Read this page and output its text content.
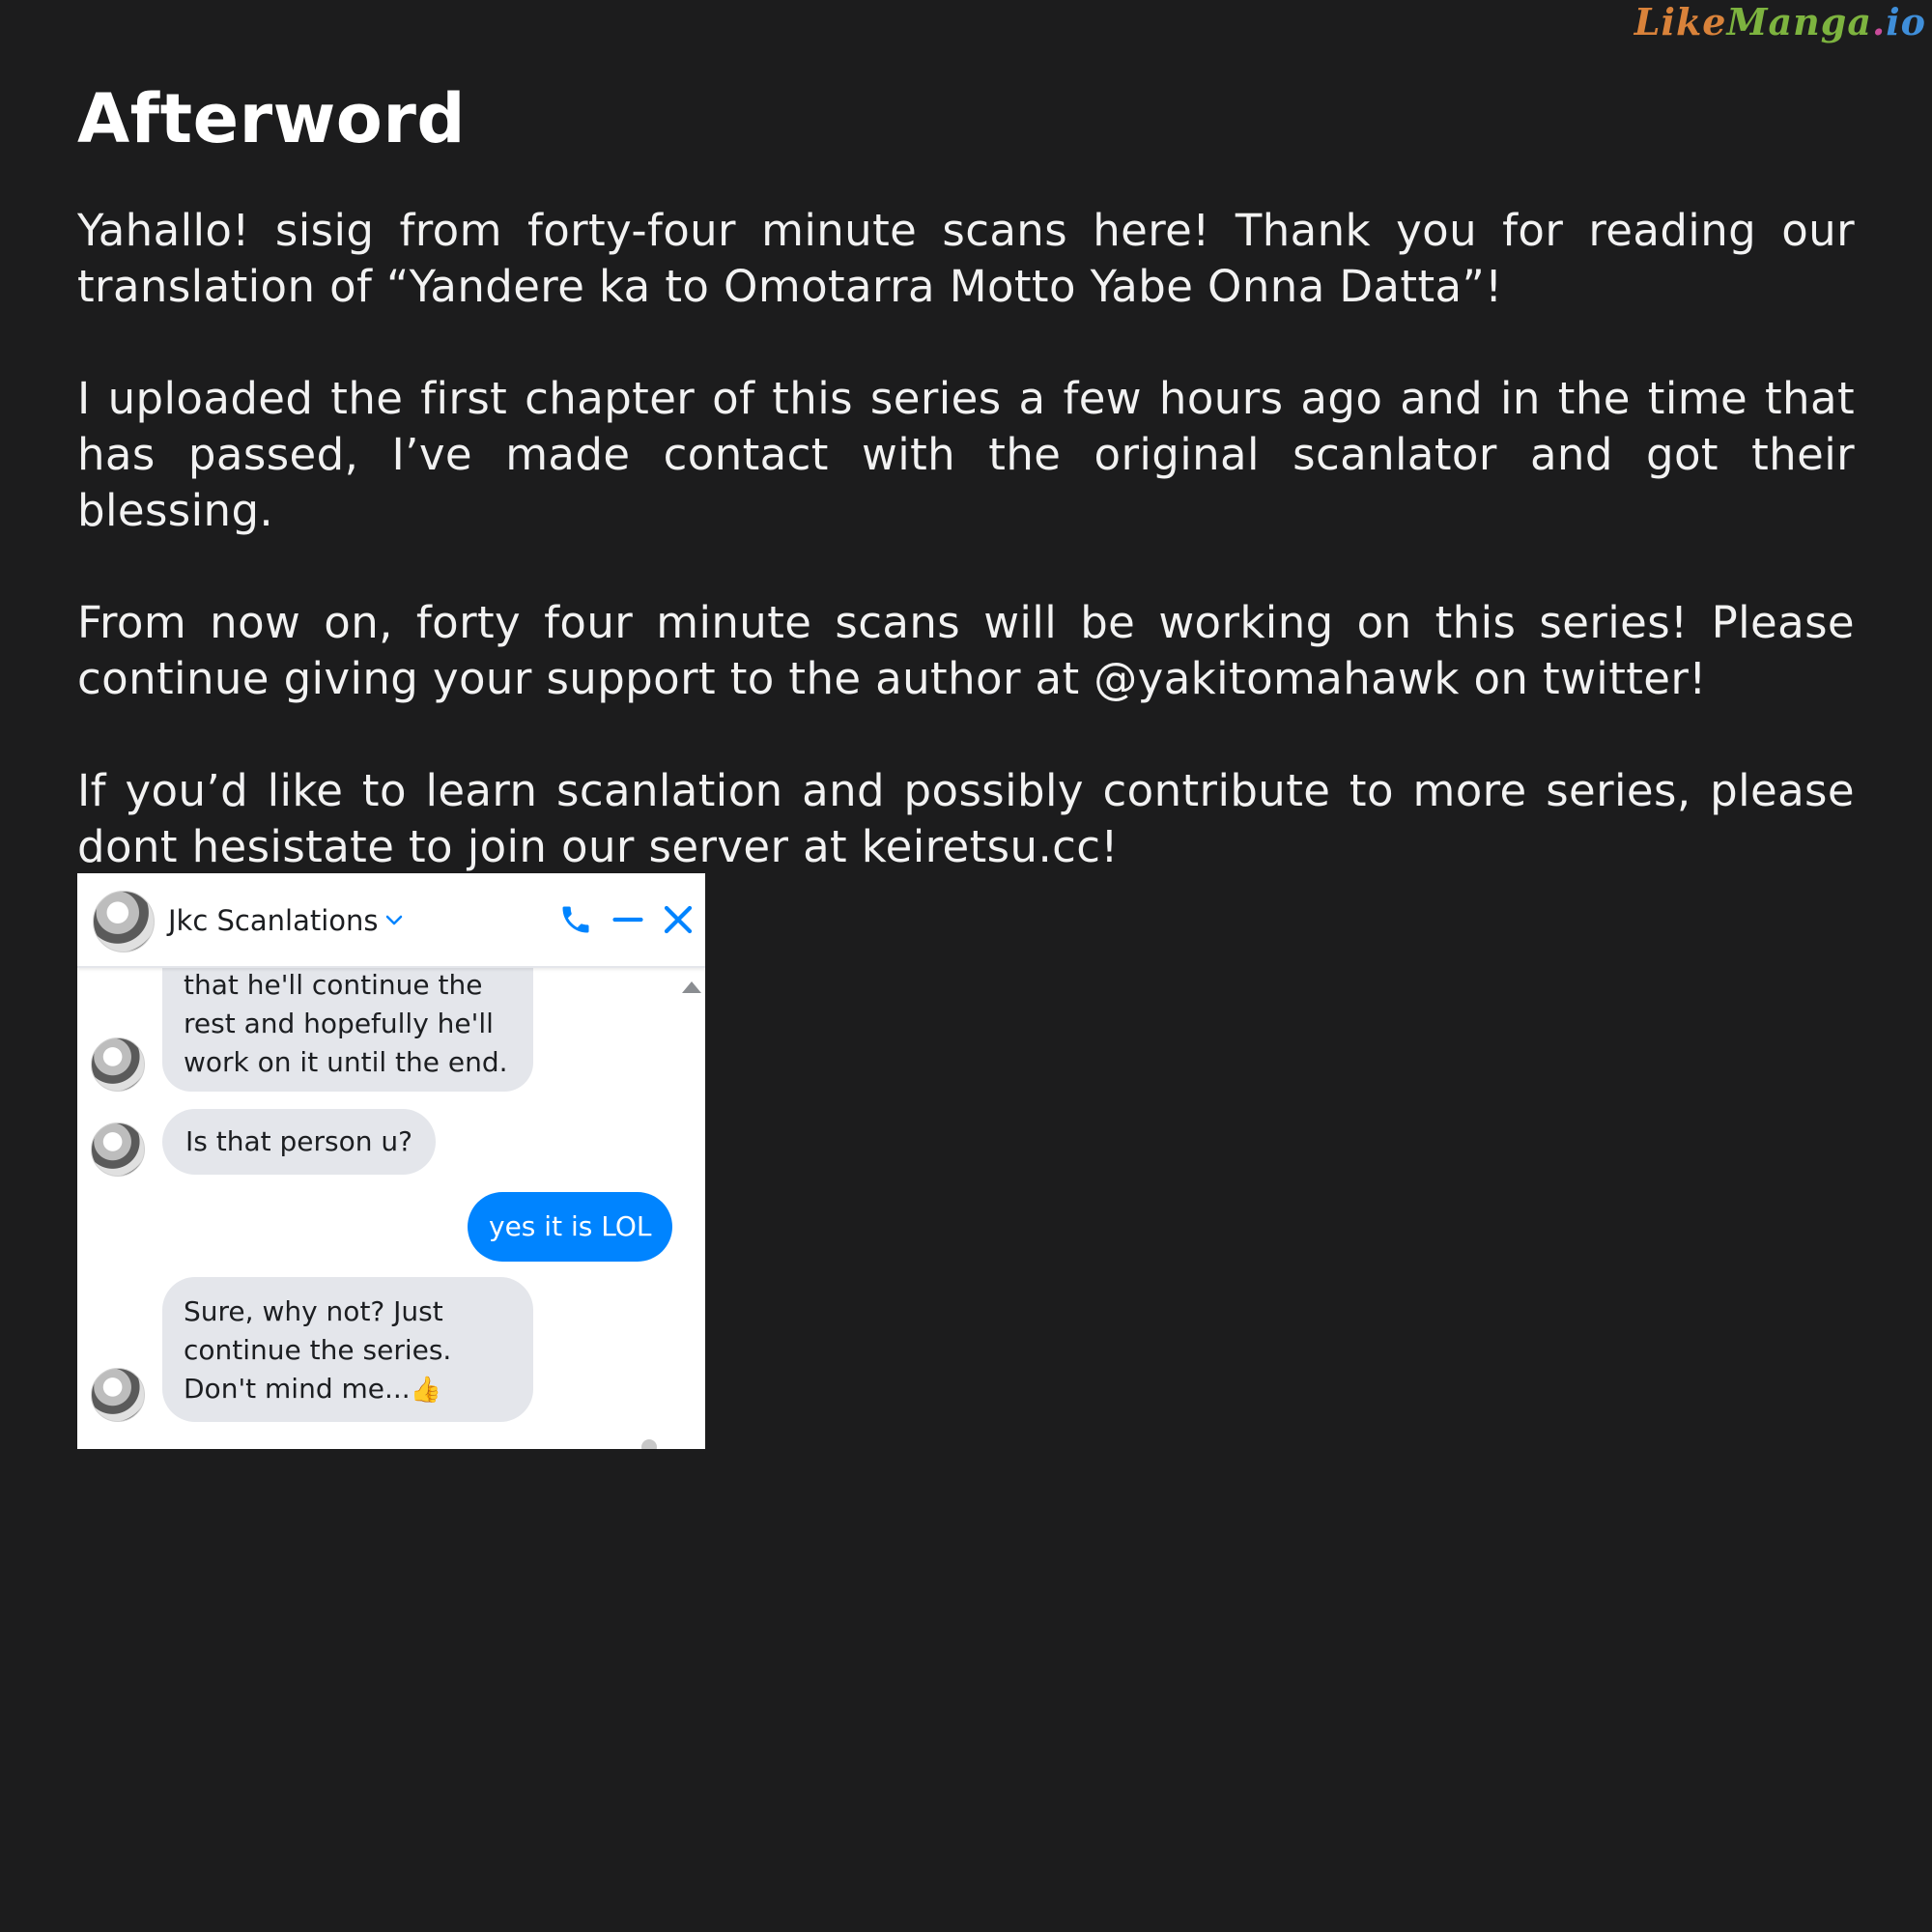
LikeManga.io
Afterword

Yahallo! sisig from forty-four minute scans here! Thank you for reading our translation of “Yandere ka to Omotarra Motto Yabe Onna Datta”!

I uploaded the first chapter of this series a few hours ago and in the time that has passed, I’ve made contact with the original scanlator and got their blessing.

From now on, forty four minute scans will be working on this series! Please continue giving your support to the author at @yakitomahawk on twitter!

If you’d like to learn scanlation and possibly contribute to more series, please dont hesistate to join our server at keiretsu.cc!

that he'll continue the
rest and hopefully he'll
work on it until the end.
Is that person u?
yes it is LOL
Sure, why not? Just
continue the series.
Don't mind me...👍
Jkc Scanlations
